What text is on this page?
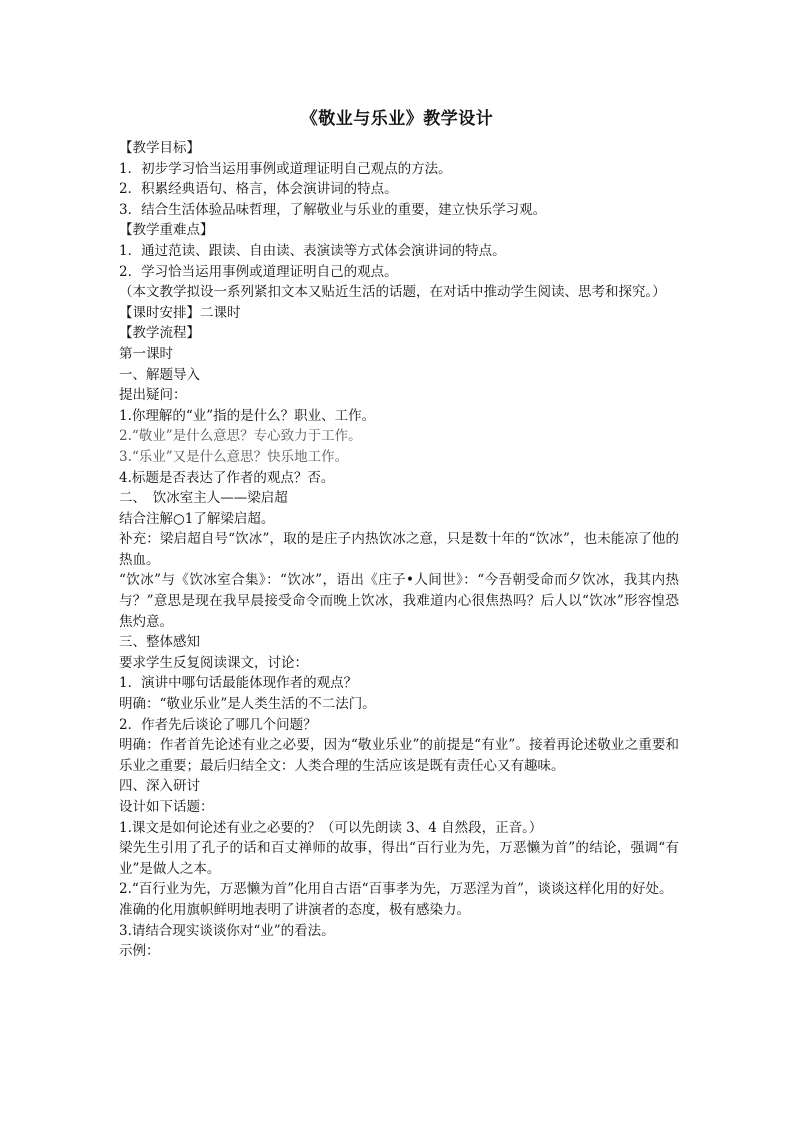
《敬业与乐业》教学设计
【教学目标】
1．初步学习恰当运用事例或道理证明自己观点的方法。
2．积累经典语句、格言，体会演讲词的特点。
3．结合生活体验品味哲理，了解敬业与乐业的重要，建立快乐学习观。
【教学重难点】
1．通过范读、跟读、自由读、表演读等方式体会演讲词的特点。
2．学习恰当运用事例或道理证明自己的观点。
（本文教学拟设一系列紧扣文本又贴近生活的话题，在对话中推动学生阅读、思考和探究。）
【课时安排】二课时
【教学流程】
第一课时
一、解题导入
提出疑问：
1.你理解的“业”指的是什么？职业、工作。
2.“敬业”是什么意思？专心致力于工作。
3.“乐业”又是什么意思？快乐地工作。
4.标题是否表达了作者的观点？否。
二、　饮冰室主人——梁启超
结合注解○1了解梁启超。
补充：梁启超自号“饮冰”，取的是庄子内热饮冰之意，只是数十年的“饮冰”，也未能凉了他的热血。
“饮冰”与《饮冰室合集》：“饮冰”，语出《庄子•人间世》：“今吾朝受命而夕饮冰，我其内热与？”意思是现在我早晨接受命令而晚上饮冰，我难道内心很焦热吗？后人以“饮冰”形容惶恐焦灼意。
三、整体感知
要求学生反复阅读课文，讨论：
1．演讲中哪句话最能体现作者的观点？
明确：“敬业乐业”是人类生活的不二法门。
2．作者先后谈论了哪几个问题？
明确：作者首先论述有业之必要，因为“敬业乐业”的前提是“有业”。接着再论述敬业之重要和乐业之重要；最后归结全文：人类合理的生活应该是既有责任心又有趣味。
四、深入研讨
设计如下话题：
1.课文是如何论述有业之必要的？（可以先朗读 3、4 自然段，正音。）
梁先生引用了孔子的话和百丈禅师的故事，得出“百行业为先，万恶懒为首”的结论，强调“有业”是做人之本。
2.“百行业为先，万恶懒为首”化用自古语“百事孝为先，万恶淫为首”，谈谈这样化用的好处。
准确的化用旗帜鲜明地表明了讲演者的态度，极有感染力。
3.请结合现实谈谈你对“业”的看法。
示例：
